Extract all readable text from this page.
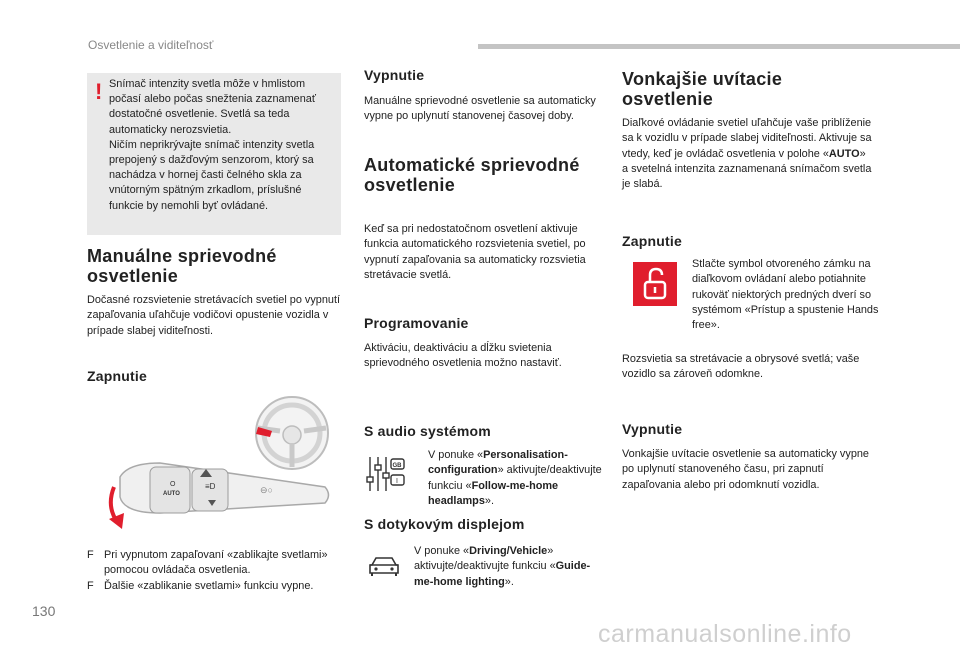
Osvetlenie a viditeľnosť
! Snímač intenzity svetla môže v hmlistom počasí alebo počas snežtenia zaznamenať dostatočné osvetlenie. Svetlá sa teda automaticky nerozsvietia.
Ničím neprikrývajte snímač intenzity svetla prepojený s dažďovým senzorom, ktorý sa nachádza v hornej časti čelného skla za vnútorným spätným zrkadlom, príslušné funkcie by nemohli byť ovládané.
Manuálne sprievodné osvetlenie
Dočasné rozsvietenie stretávacích svetiel po vypnutí zapaľovania uľahčuje vodičovi opustenie vozidla v prípade slabej viditeľnosti.
Zapnutie
O
AUTO
≡D	⊖○
F Pri vypnutom zapaľovaní «zablikajte svetlami» pomocou ovládača osvetlenia.
F Ďalšie «zablikanie svetlami» funkciu vypne.
Vypnutie
Manuálne sprievodné osvetlenie sa automaticky vypne po uplynutí stanovenej časovej doby.
Automatické sprievodné osvetlenie
Keď sa pri nedostatočnom osvetlení aktivuje funkcia automatického rozsvietenia svetiel, po vypnutí zapaľovania sa automaticky rozsvietia stretávacie svetlá.
Programovanie
Aktiváciu, deaktiváciu a dĺžku svietenia sprievodného osvetlenia možno nastaviť.
S audio systémom
GB
I
V ponuke «Personalisation-configuration» aktivujte/deaktivujte funkciu «Follow-me-home headlamps».
S dotykovým displejom
V ponuke «Driving/Vehicle» aktivujte/deaktivujte funkciu «Guide-me-home lighting».
Vonkajšie uvítacie osvetlenie
Diaľkové ovládanie svetiel uľahčuje vaše priblíženie sa k vozidlu v prípade slabej viditeľnosti. Aktivuje sa vtedy, keď je ovládač osvetlenia v polohe «AUTO» a svetelná intenzita zaznamenaná snímačom svetla je slabá.
Zapnutie
Stlačte symbol otvoreného zámku na diaľkovom ovládaní alebo potiahnite rukoväť niektorých predných dverí so systémom «Prístup a spustenie Hands free».
Rozsvietia sa stretávacie a obrysové svetlá; vaše vozidlo sa zároveň odomkne.
Vypnutie
Vonkajšie uvítacie osvetlenie sa automaticky vypne po uplynutí stanoveného času, pri zapnutí zapaľovania alebo pri odomknutí vozidla.
130
carmanualsonline.info
